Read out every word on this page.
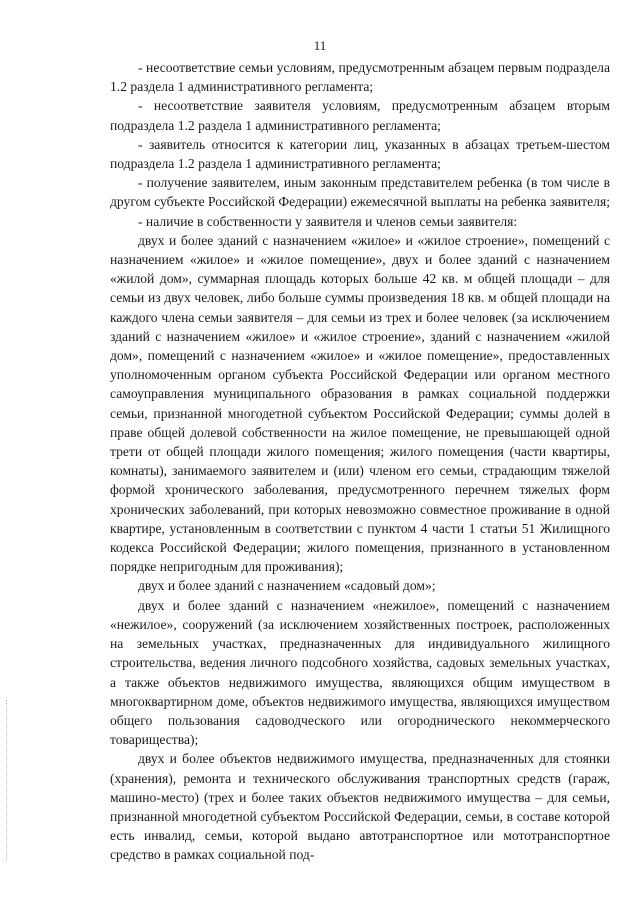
11

- несоответствие семьи условиям, предусмотренным абзацем первым подраздела 1.2 раздела 1 административного регламента;

- несоответствие заявителя условиям, предусмотренным абзацем вторым подраздела 1.2 раздела 1 административного регламента;

- заявитель относится к категории лиц, указанных в абзацах третьем-шестом подраздела 1.2 раздела 1 административного регламента;

- получение заявителем, иным законным представителем ребенка (в том числе в другом субъекте Российской Федерации) ежемесячной выплаты на ребенка заявителя;

- наличие в собственности у заявителя и членов семьи заявителя:

двух и более зданий с назначением «жилое» и «жилое строение», помещений с назначением «жилое» и «жилое помещение», двух и более зданий с назначением «жилой дом», суммарная площадь которых больше 42 кв. м общей площади – для семьи из двух человек, либо больше суммы произведения 18 кв. м общей площади на каждого члена семьи заявителя – для семьи из трех и более человек (за исключением зданий с назначением «жилое» и «жилое строение», зданий с назначением «жилой дом», помещений с назначением «жилое» и «жилое помещение», предоставленных уполномоченным органом субъекта Российской Федерации или органом местного самоуправления муниципального образования в рамках социальной поддержки семьи, признанной многодетной субъектом Российской Федерации; суммы долей в праве общей долевой собственности на жилое помещение, не превышающей одной трети от общей площади жилого помещения; жилого помещения (части квартиры, комнаты), занимаемого заявителем и (или) членом его семьи, страдающим тяжелой формой хронического заболевания, предусмотренного перечнем тяжелых форм хронических заболеваний, при которых невозможно совместное проживание в одной квартире, установленным в соответствии с пунктом 4 части 1 статьи 51 Жилищного кодекса Российской Федерации; жилого помещения, признанного в установленном порядке непригодным для проживания);

двух и более зданий с назначением «садовый дом»;

двух и более зданий с назначением «нежилое», помещений с назначением «нежилое», сооружений (за исключением хозяйственных построек, расположенных на земельных участках, предназначенных для индивидуального жилищного строительства, ведения личного подсобного хозяйства, садовых земельных участках, а также объектов недвижимого имущества, являющихся общим имуществом в многоквартирном доме, объектов недвижимого имущества, являющихся имуществом общего пользования садоводческого или огороднического некоммерческого товарищества);

двух и более объектов недвижимого имущества, предназначенных для стоянки (хранения), ремонта и технического обслуживания транспортных средств (гараж, машино-место) (трех и более таких объектов недвижимого имущества – для семьи, признанной многодетной субъектом Российской Федерации, семьи, в составе которой есть инвалид, семьи, которой выдано автотранспортное или мототранспортное средство в рамках социальной под-
